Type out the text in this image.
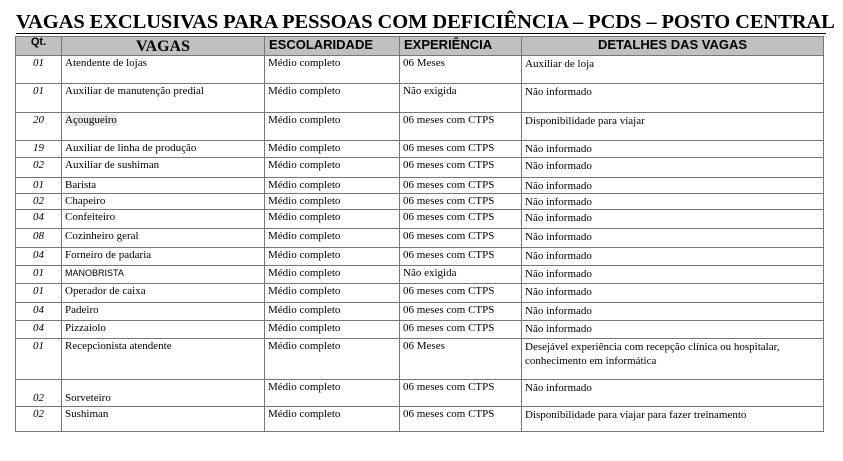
VAGAS EXCLUSIVAS PARA PESSOAS COM DEFICIÊNCIA – PCDS – POSTO CENTRAL
Qt.	VAGAS	ESCOLARIDADE	EXPERIÊNCIA	DETALHES DAS VAGAS
01	Atendente de lojas	Médio completo	06 Meses	Auxiliar de loja
01	Auxiliar de manutenção predial	Médio completo	Não exigida	Não informado
20	Açougueiro	Médio completo	06 meses com CTPS	Disponibilidade para viajar
19	Auxiliar de linha de produção	Médio completo	06 meses com CTPS	Não informado
02	Auxiliar de sushiman	Médio completo	06 meses com CTPS	Não informado
01	Barista	Médio completo	06 meses com CTPS	Não informado
02	Chapeiro	Médio completo	06 meses com CTPS	Não informado
04	Confeiteiro	Médio completo	06 meses com CTPS	Não informado
08	Cozinheiro geral	Médio completo	06 meses com CTPS	Não informado
04	Forneiro de padaria	Médio completo	06 meses com CTPS	Não informado
01	MANOBRISTA	Médio completo	Não exigida	Não informado
01	Operador de caixa	Médio completo	06 meses com CTPS	Não informado
04	Padeiro	Médio completo	06 meses com CTPS	Não informado
04	Pizzaiolo	Médio completo	06 meses com CTPS	Não informado
01	Recepcionista atendente	Médio completo	06 Meses	Desejável experiência com recepção clínica ou hospitalar, conhecimento em informática
02	Sorveteiro	Médio completo	06 meses com CTPS	Não informado
02	Sushiman	Médio completo	06 meses com CTPS	Disponibilidade para viajar para fazer treinamento
